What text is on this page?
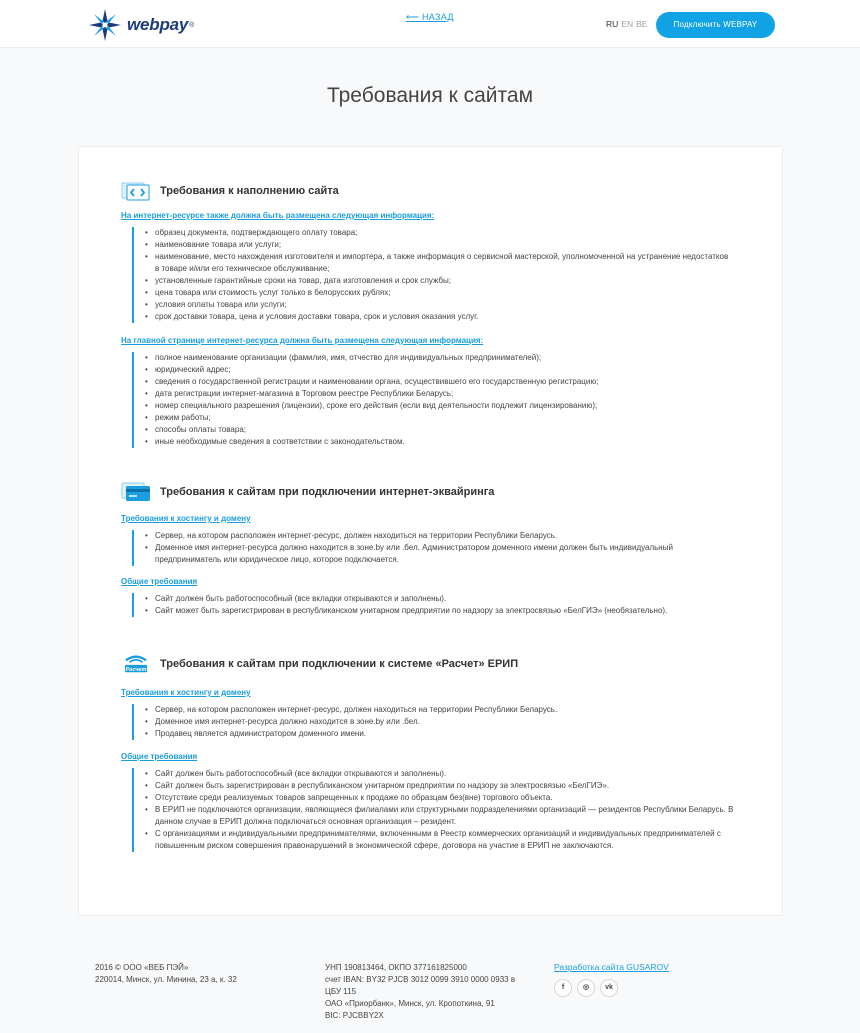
webpay ®
⟵ НАЗАД
RU EN BE	Подключить WEBPAY
Требования к сайтам
Требования к наполнению сайта
На интернет-ресурсе также должна быть размещена следующая информация:
• образец документа, подтверждающего оплату товара;
• наименование товара или услуги;
• наименование, место нахождения изготовителя и импортера, а также информация о сервисной мастерской, уполномоченной на устранение недостатков в товаре и/или его техническое обслуживание;
• установленные гарантийные сроки на товар, дата изготовления и срок службы;
• цена товара или стоимость услуг только в белорусских рублях;
• условия оплаты товара или услуги;
• срок доставки товара, цена и условия доставки товара, срок и условия оказания услуг.
На главной странице интернет-ресурса должна быть размещена следующая информация:
• полное наименование организации (фамилия, имя, отчество для индивидуальных предпринимателей);
• юридический адрес;
• сведения о государственной регистрации и наименовании органа, осуществившего его государственную регистрацию;
• дата регистрации интернет-магазина в Торговом реестре Республики Беларусь;
• номер специального разрешения (лицензии), сроке его действия (если вид деятельности подлежит лицензированию);
• режим работы;
• способы оплаты товара;
• иные необходимые сведения в соответствии с законодательством.
Требования к сайтам при подключении интернет-эквайринга
Требования к хостингу и домену
• Сервер, на котором расположен интернет-ресурс, должен находиться на территории Республики Беларусь.
• Доменное имя интернет-ресурса должно находится в зоне.by или .бел. Администратором доменного имени должен быть индивидуальный предприниматель или юридическое лицо, которое подключается.
Общие требования
• Сайт должен быть работоспособный (все вкладки открываются и заполнены).
• Сайт может быть зарегистрирован в республиканском унитарном предприятии по надзору за электросвязью «БелГИЭ» (необязательно).
Расчет Требования к сайтам при подключении к системе «Расчет» ЕРИП
Требования к хостингу и домену
• Сервер, на котором расположен интернет-ресурс, должен находиться на территории Республики Беларусь.
• Доменное имя интернет-ресурса должно находится в зоне.by или .бел.
• Продавец является администратором доменного имени.
Общие требования
• Сайт должен быть работоспособный (все вкладки открываются и заполнены).
• Сайт должен быть зарегистрирован в республиканском унитарном предприятии по надзору за электросвязью «БелГИЭ».
• Отсутствие среди реализуемых товаров запрещенных к продаже по образцам без(вне) торгового объекта.
• В ЕРИП не подключаются организации, являющиеся филиалами или структурными подразделениями организаций — резидентов Республики Беларусь. В данном случае в ЕРИП должна подключаться основная организация – резидент.
• С организациями и индивидуальными предпринимателями, включенными в Реестр коммерческих организаций и индивидуальных предпринимателей с повышенным риском совершения правонарушений в экономической сфере, договора на участие в ЕРИП не заключаются.
2016 © ООО «ВЕБ ПЭЙ»
220014, Минск, ул. Минина, 23 а, к. 32
УНП 190813464, ОКПО 377161825000
счет IBAN: BY32 PJCB 3012 0099 3910 0000 0933 в
ЦБУ 115
ОАО «Приорбанк», Минск, ул. Кропоткина, 91
BIC: PJCBBY2X
Разработка сайта GUSAROV
f	◎	vk
